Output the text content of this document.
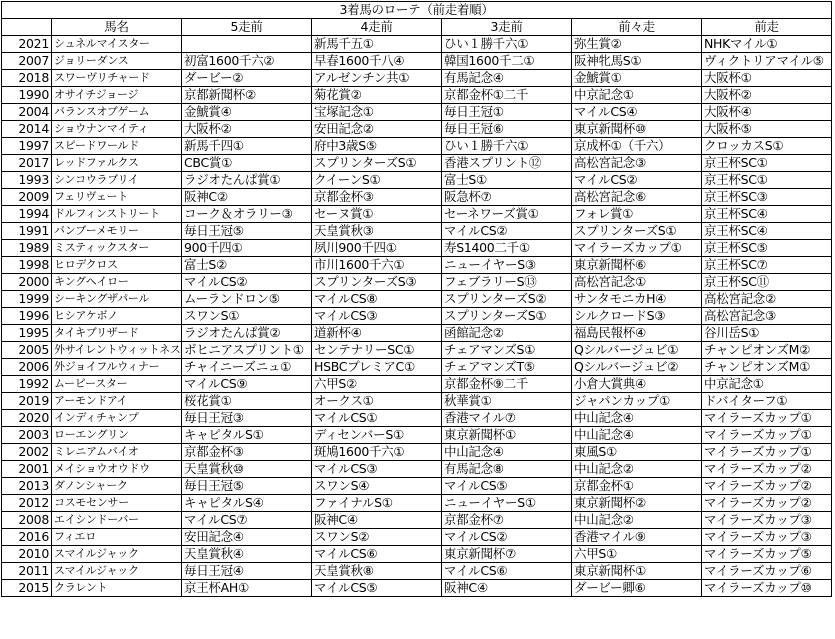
3着馬のローテ（前走着順）						
	馬名	5走前	4走前	3走前	前々走	前走
2021	シュネルマイスター		新馬千五①	ひい１勝千六①	弥生賞②	NHKマイル①
2007	ジョリーダンス	初富1600千六②	早春1600千八④	韓国1600千二①	阪神牝馬S①	ヴィクトリアマイル⑤
2018	スワーヴリチャード	ダービー②	アルゼンチン共①	有馬記念④	金鯱賞①	大阪杯①
1990	オサイチジョージ	京都新聞杯②	菊花賞②	京都金杯①二千	中京記念①	大阪杯②
2004	バランスオブゲーム	金鯱賞④	宝塚記念①	毎日王冠①	マイルCS④	大阪杯④
2014	ショウナンマイティ	大阪杯②	安田記念②	毎日王冠⑥	東京新聞杯⑩	大阪杯⑤
1997	スピードワールド	新馬千四①	府中3歳S⑤	ひい１勝千六①	京成杯①（千六）	クロッカスS①
2017	レッドファルクス	CBC賞①	スプリンターズS①	香港スプリント⑫	高松宮記念③	京王杯SC①
1993	シンコウラブリイ	ラジオたんぱ賞①	クイーンS①	富士S①	マイルCS②	京王杯SC①
2009	フェリヴェート	阪神C②	京都金杯③	阪急杯⑦	高松宮記念⑥	京王杯SC③
1994	ドルフィンストリート	コーク＆オラリー③	セーヌ賞①	セーネワーズ賞①	フォレ賞①	京王杯SC④
1991	バンブーメモリー	毎日王冠⑤	天皇賞秋③	マイルCS②	スプリンターズS①	京王杯SC④
1989	ミスティックスター	900千四①	夙川900千四①	寿S1400二千①	マイラーズカップ①	京王杯SC⑤
1998	ヒロデクロス	富士S②	市川1600千六①	ニューイヤーS③	東京新聞杯⑥	京王杯SC⑦
2000	キングヘイロー	マイルCS②	スプリンターズS③	フェブラリーS⑬	高松宮記念①	京王杯SC⑪
1999	シーキングザパール	ムーランドロン⑤	マイルCS⑧	スプリンターズS②	サンタモニカH④	高松宮記念②
1996	ヒシアケボノ	スワンS①	マイルCS③	スプリンターズS①	シルクロードS③	高松宮記念③
1995	タイキブリザード	ラジオたんぱ賞②	道新杯④	函館記念②	福島民報杯④	谷川岳S①
2005	外サイレントウィットネス	ボヒニアスプリント①	センテナリーSC①	チェアマンズS①	Qシルバージュビ①	チャンピオンズM②
2006	外ジョイフルウィナー	チャイニーズニュ①	HSBCプレミアC①	チェアマンズT⑤	Qシルバージュビ②	チャンピオンズM①
1992	ムービースター	マイルCS⑨	六甲S②	京都金杯⑨二千	小倉大賞典④	中京記念①
2019	アーモンドアイ	桜花賞①	オークス①	秋華賞①	ジャパンカップ①	ドバイターフ①
2020	インディチャンプ	毎日王冠③	マイルCS①	香港マイル⑦	中山記念④	マイラーズカップ①
2003	ローエングリン	キャピタルS①	ディセンバーS①	東京新聞杯①	中山記念④	マイラーズカップ①
2002	ミレニアムバイオ	京都金杯③	斑鳩1600千六①	中山記念④	東風S①	マイラーズカップ①
2001	メイショウオウドウ	天皇賞秋⑩	マイルCS③	有馬記念⑧	中山記念②	マイラーズカップ②
2013	ダノンシャーク	毎日王冠⑤	スワンS④	マイルCS⑤	京都金杯①	マイラーズカップ②
2012	コスモセンサー	キャピタルS④	ファイナルS①	ニューイヤーS①	東京新聞杯②	マイラーズカップ②
2008	エイシンドーバー	マイルCS⑦	阪神C④	京都金杯⑦	中山記念②	マイラーズカップ③
2016	フィエロ	安田記念④	スワンS②	マイルCS②	香港マイル⑨	マイラーズカップ③
2010	スマイルジャック	天皇賞秋④	マイルCS⑥	東京新聞杯⑦	六甲S①	マイラーズカップ⑤
2011	スマイルジャック	毎日王冠④	天皇賞秋⑧	マイルCS⑥	東京新聞杯①	マイラーズカップ⑥
2015	クラレント	京王杯AH①	マイルCS⑤	阪神C④	ダービー卿⑥	マイラーズカップ⑩
